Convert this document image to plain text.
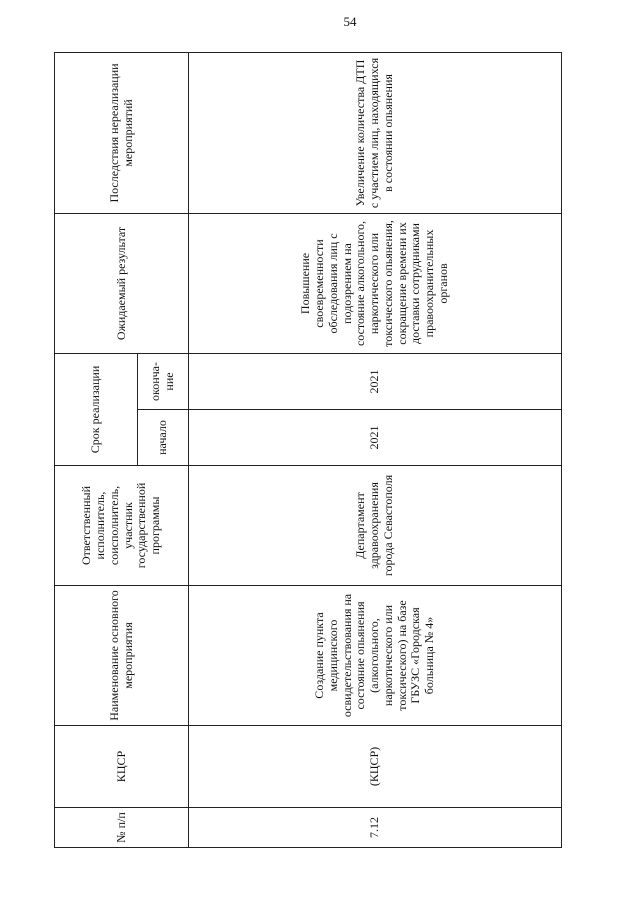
54
№ п/п	КЦСР	Наименование основного мероприятия	Ответственный исполнитель, соисполнитель, участник государственной программы	Срок реализации		Ожидаемый результат	Последствия нереализации мероприятий

				начало	оконча-ние		

7.12	(КЦСР)	Создание пункта медицинского освидетельствования на состояние опьянения (алкогольного, наркотического или токсического) на базе ГБУЗС «Городская больница № 4»	Департамент здравоохранения города Севастополя	2021	2021	Повышение своевременности обследования лиц с подозрением на состояние алкогольного, наркотического или токсического опьянения, сокращение времени их доставки сотрудниками правоохранительных органов	Увеличение количества ДТП с участием лиц, находящихся в состоянии опьянения
